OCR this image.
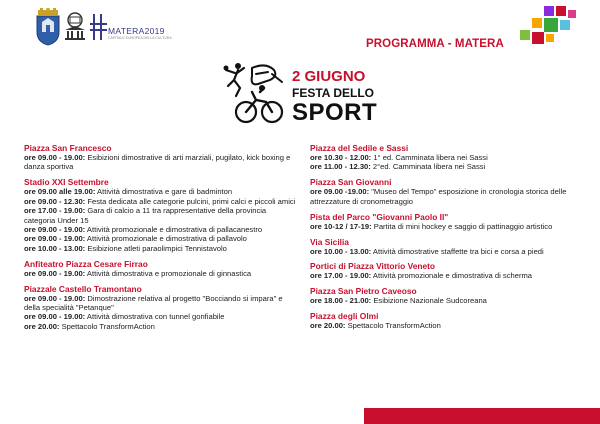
MATERA2019
CAPITALE EUROPEA DELLA CULTURA	PROGRAMMA - MATERA
2 GIUGNO
FESTA DELLO
SPORT
Piazza San Francesco
ore 09.00 - 19.00: Esibizioni dimostrative di arti marziali, pugilato, kick boxing e danza sportiva
Stadio XXI Settembre
ore 09.00 alle 19.00: Attività dimostrativa e gare di badminton
ore 09.00 - 12.30: Festa dedicata alle categorie pulcini, primi calci e piccoli amici
ore 17.00 - 19.00: Gara di calcio a 11 tra rappresentative della provincia categoria Under 15
ore 09.00 - 19.00: Attività promozionale e dimostrativa di pallacanestro
ore 09.00 - 19.00: Attività promozionale e dimostrativa di pallavolo
ore 10.00 - 13.00: Esibizione atleti paraolimpici Tennistavolo
Anfiteatro Piazza Cesare Firrao
ore 09.00 - 19.00: Attività dimostrativa e promozionale di ginnastica
Piazzale Castello Tramontano
ore 09.00 - 19.00: Dimostrazione relativa al progetto "Bocciando si impara" e della specialità "Petanque"
ore 09.00 - 19.00: Attività dimostrativa con tunnel gonfiabile
ore 20.00: Spettacolo TransformAction
Piazza del Sedile e Sassi
ore 10.30 - 12.00: 1° ed. Camminata libera nei Sassi
ore 11.00 - 12.30: 2°ed. Camminata libera nei Sassi
Piazza San Giovanni
ore 09.00 -19.00: "Museo del Tempo" esposizione in cronologia storica delle attrezzature di cronometraggio
Pista del Parco "Giovanni Paolo II"
ore 10-12 / 17-19: Partita di mini hockey e saggio di pattinaggio artistico
Via Sicilia
ore 10.00 - 13.00: Attività dimostrative staffette tra bici e corsa a piedi
Portici di Piazza Vittorio Veneto
ore 17.00 - 19.00: Attività promozionale e dimostrativa di scherma
Piazza San Pietro Caveoso
ore 18.00 - 21.00: Esibizione Nazionale Sudcoreana
Piazza degli Olmi
ore 20.00: Spettacolo TransformAction
